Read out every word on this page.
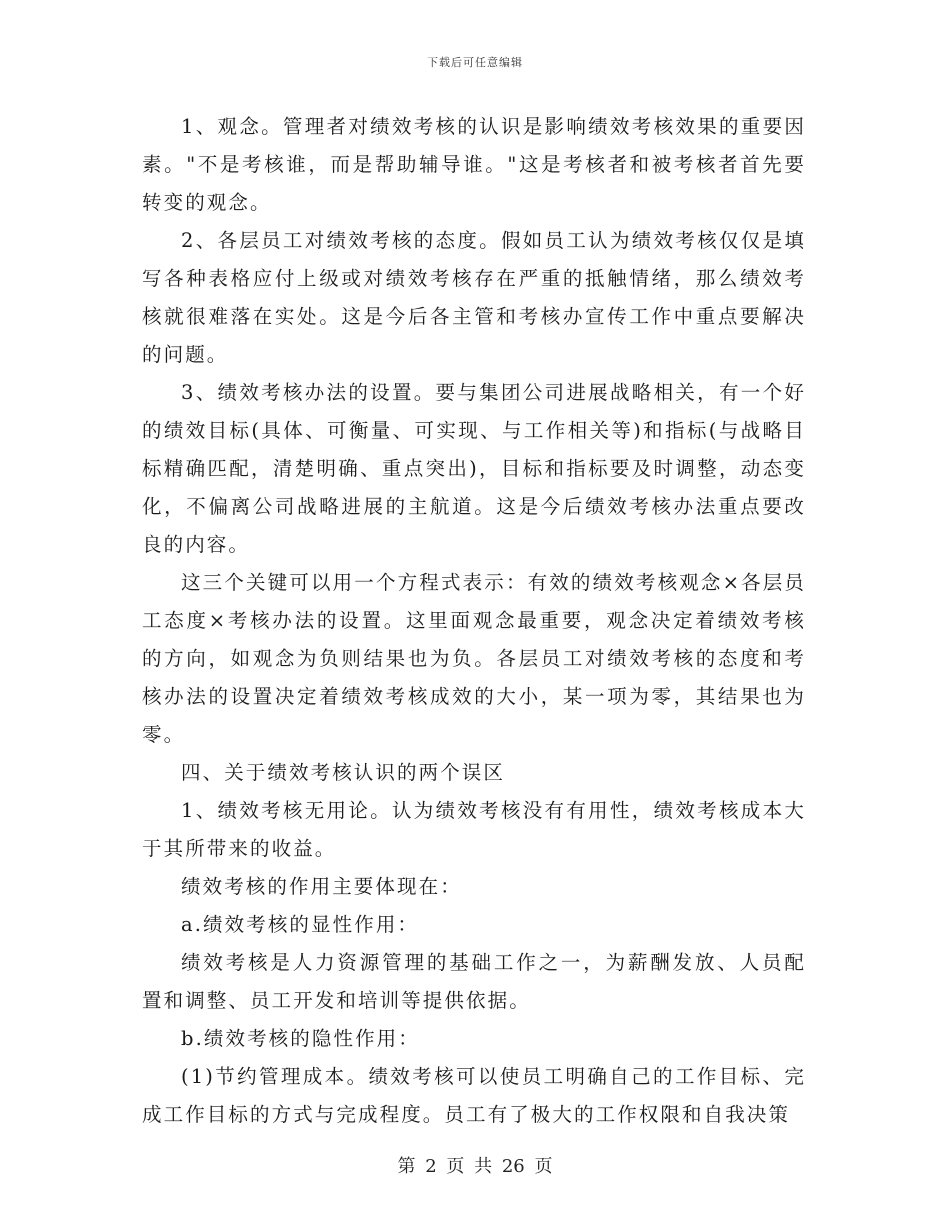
下载后可任意编辑

1、观念。管理者对绩效考核的认识是影响绩效考核效果的重要因素。"不是考核谁，而是帮助辅导谁。"这是考核者和被考核者首先要转变的观念。

2、各层员工对绩效考核的态度。假如员工认为绩效考核仅仅是填写各种表格应付上级或对绩效考核存在严重的抵触情绪，那么绩效考核就很难落在实处。这是今后各主管和考核办宣传工作中重点要解决的问题。

3、绩效考核办法的设置。要与集团公司进展战略相关，有一个好的绩效目标(具体、可衡量、可实现、与工作相关等)和指标(与战略目标精确匹配，清楚明确、重点突出)，目标和指标要及时调整，动态变化，不偏离公司战略进展的主航道。这是今后绩效考核办法重点要改良的内容。

这三个关键可以用一个方程式表示：有效的绩效考核观念×各层员工态度×考核办法的设置。这里面观念最重要，观念决定着绩效考核的方向，如观念为负则结果也为负。各层员工对绩效考核的态度和考核办法的设置决定着绩效考核成效的大小，某一项为零，其结果也为零。

四、关于绩效考核认识的两个误区

1、绩效考核无用论。认为绩效考核没有有用性，绩效考核成本大于其所带来的收益。

绩效考核的作用主要体现在：

a.绩效考核的显性作用：

绩效考核是人力资源管理的基础工作之一，为薪酬发放、人员配置和调整、员工开发和培训等提供依据。

b.绩效考核的隐性作用：

(1)节约管理成本。绩效考核可以使员工明确自己的工作目标、完成工作目标的方式与完成程度。员工有了极大的工作权限和自我决策

第 2 页 共 26 页
